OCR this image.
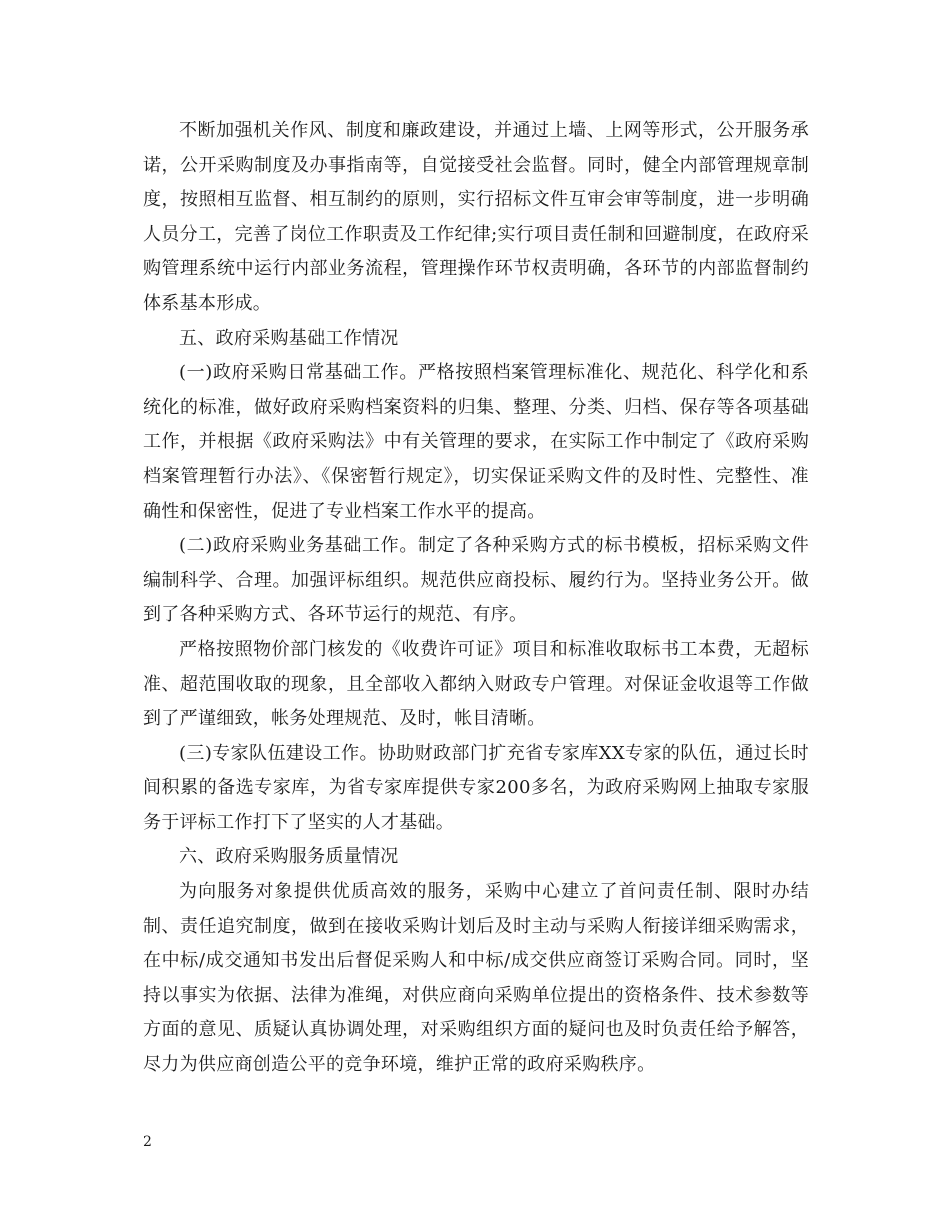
不断加强机关作风、制度和廉政建设，并通过上墙、上网等形式，公开服务承诺，公开采购制度及办事指南等，自觉接受社会监督。同时，健全内部管理规章制度，按照相互监督、相互制约的原则，实行招标文件互审会审等制度，进一步明确人员分工，完善了岗位工作职责及工作纪律;实行项目责任制和回避制度，在政府采购管理系统中运行内部业务流程，管理操作环节权责明确，各环节的内部监督制约体系基本形成。

五、政府采购基础工作情况

(一)政府采购日常基础工作。严格按照档案管理标准化、规范化、科学化和系统化的标准，做好政府采购档案资料的归集、整理、分类、归档、保存等各项基础工作，并根据《政府采购法》中有关管理的要求，在实际工作中制定了《政府采购档案管理暂行办法》、《保密暂行规定》，切实保证采购文件的及时性、完整性、准确性和保密性，促进了专业档案工作水平的提高。

(二)政府采购业务基础工作。制定了各种采购方式的标书模板，招标采购文件编制科学、合理。加强评标组织。规范供应商投标、履约行为。坚持业务公开。做到了各种采购方式、各环节运行的规范、有序。

严格按照物价部门核发的《收费许可证》项目和标准收取标书工本费，无超标准、超范围收取的现象，且全部收入都纳入财政专户管理。对保证金收退等工作做到了严谨细致，帐务处理规范、及时，帐目清晰。

(三)专家队伍建设工作。协助财政部门扩充省专家库XX专家的队伍，通过长时间积累的备选专家库，为省专家库提供专家200多名，为政府采购网上抽取专家服务于评标工作打下了坚实的人才基础。

六、政府采购服务质量情况

为向服务对象提供优质高效的服务，采购中心建立了首问责任制、限时办结制、责任追究制度，做到在接收采购计划后及时主动与采购人衔接详细采购需求，在中标/成交通知书发出后督促采购人和中标/成交供应商签订采购合同。同时，坚持以事实为依据、法律为准绳，对供应商向采购单位提出的资格条件、技术参数等方面的意见、质疑认真协调处理，对采购组织方面的疑问也及时负责任给予解答，尽力为供应商创造公平的竞争环境，维护正常的政府采购秩序。

2
